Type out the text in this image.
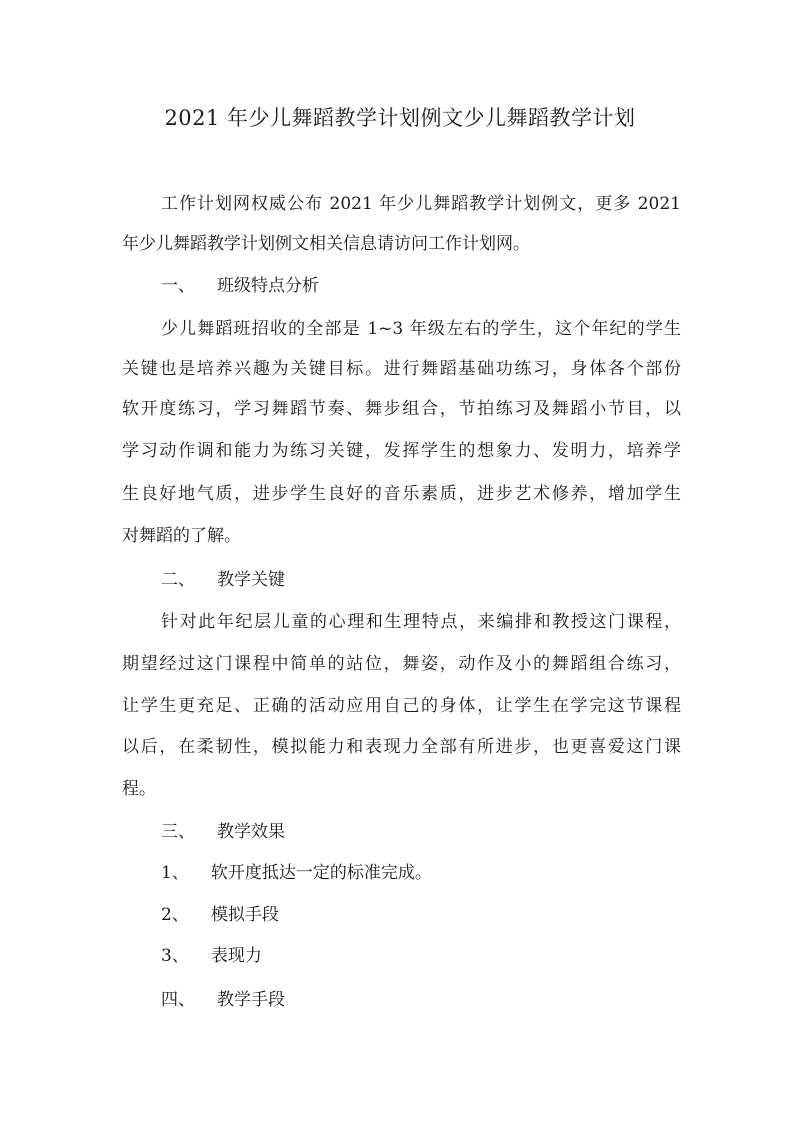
2021 年少儿舞蹈教学计划例文少儿舞蹈教学计划
工作计划网权威公布 2021 年少儿舞蹈教学计划例文，更多 2021
年少儿舞蹈教学计划例文相关信息请访问工作计划网。
一、 班级特点分析
少儿舞蹈班招收的全部是 1~3 年级左右的学生，这个年纪的学生
关键也是培养兴趣为关键目标。进行舞蹈基础功练习，身体各个部份
软开度练习，学习舞蹈节奏、舞步组合，节拍练习及舞蹈小节目，以
学习动作调和能力为练习关键，发挥学生的想象力、发明力，培养学
生良好地气质，进步学生良好的音乐素质，进步艺术修养，增加学生
对舞蹈的了解。
二、 教学关键
针对此年纪层儿童的心理和生理特点，来编排和教授这门课程，
期望经过这门课程中简单的站位，舞姿，动作及小的舞蹈组合练习，
让学生更充足、正确的活动应用自己的身体，让学生在学完这节课程
以后，在柔韧性，模拟能力和表现力全部有所进步，也更喜爱这门课
程。
三、 教学效果
1、 软开度抵达一定的标准完成。
2、 模拟手段
3、 表现力
四、 教学手段
